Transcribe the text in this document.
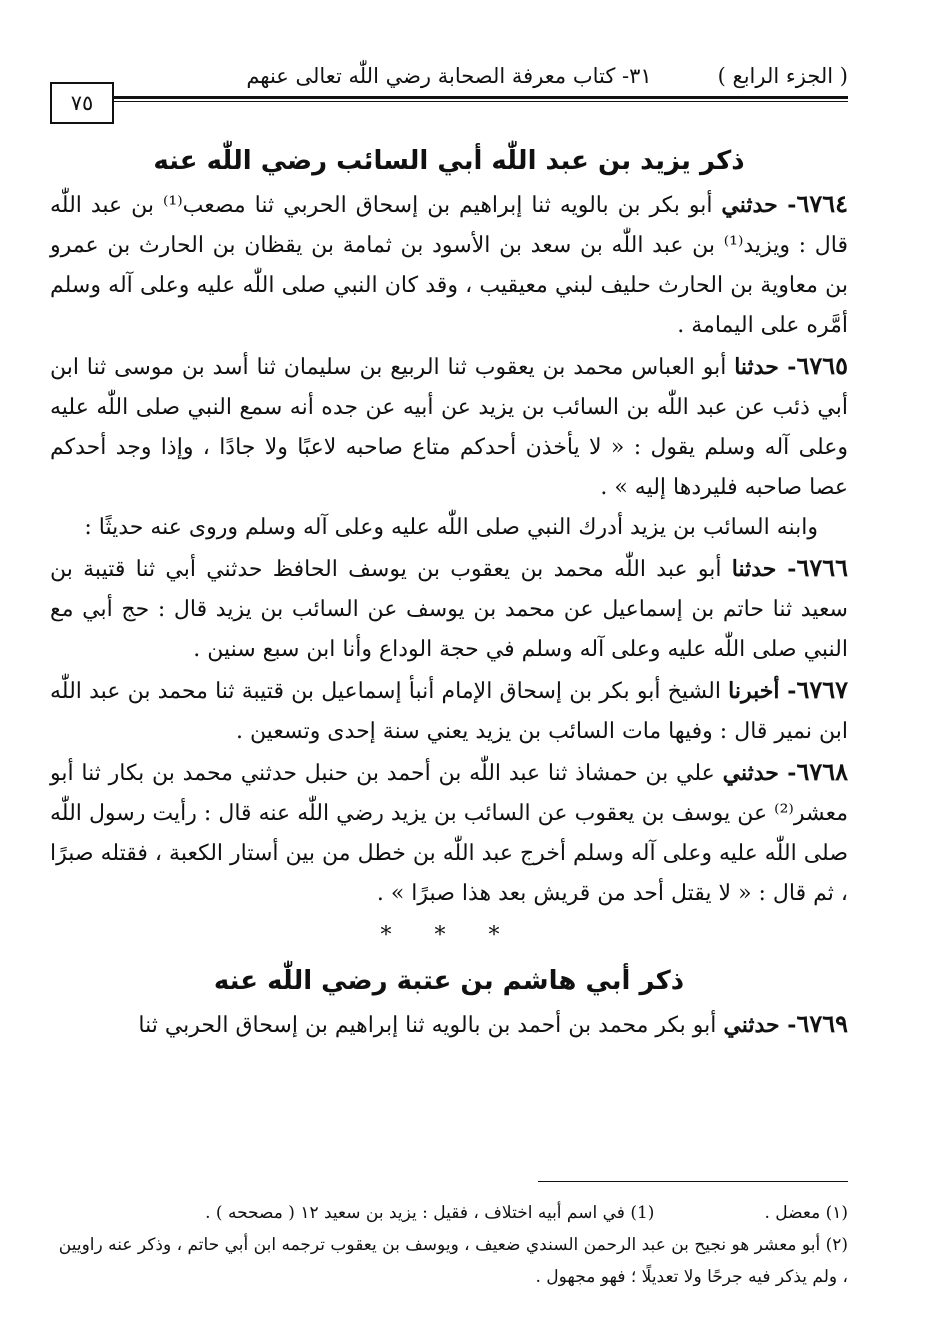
( الجزء الرابع )
٣١- كتاب معرفة الصحابة رضي اللّٰه تعالى عنهم
٧٥
ذكر يزيد بن عبد اللّٰه أبي السائب رضي اللّٰه عنه

٦٧٦٤- حدثني أبو بكر بن بالويه ثنا إبراهيم بن إسحاق الحربي ثنا مصعب⁽¹⁾ بن عبد اللّٰه قال : ويزيد⁽¹⁾ بن عبد اللّٰه بن سعد بن الأسود بن ثمامة بن يقظان بن الحارث بن عمرو بن معاوية بن الحارث حليف لبني معيقيب ، وقد كان النبي صلى اللّٰه عليه وعلى آله وسلم أمَّره على اليمامة .

٦٧٦٥- حدثنا أبو العباس محمد بن يعقوب ثنا الربيع بن سليمان ثنا أسد بن موسى ثنا ابن أبي ذئب عن عبد اللّٰه بن السائب بن يزيد عن أبيه عن جده أنه سمع النبي صلى اللّٰه عليه وعلى آله وسلم يقول : « لا يأخذن أحدكم متاع صاحبه لاعبًا ولا جادًا ، وإذا وجد أحدكم عصا صاحبه فليردها إليه » .

وابنه السائب بن يزيد أدرك النبي صلى اللّٰه عليه وعلى آله وسلم وروى عنه حديثًا :

٦٧٦٦- حدثنا أبو عبد اللّٰه محمد بن يعقوب بن يوسف الحافظ حدثني أبي ثنا قتيبة بن سعيد ثنا حاتم بن إسماعيل عن محمد بن يوسف عن السائب بن يزيد قال : حج أبي مع النبي صلى اللّٰه عليه وعلى آله وسلم في حجة الوداع وأنا ابن سبع سنين .

٦٧٦٧- أخبرنا الشيخ أبو بكر بن إسحاق الإمام أنبأ إسماعيل بن قتيبة ثنا محمد بن عبد اللّٰه ابن نمير قال : وفيها مات السائب بن يزيد يعني سنة إحدى وتسعين .

٦٧٦٨- حدثني علي بن حمشاذ ثنا عبد اللّٰه بن أحمد بن حنبل حدثني محمد بن بكار ثنا أبو معشر⁽²⁾ عن يوسف بن يعقوب عن السائب بن يزيد رضي اللّٰه عنه قال : رأيت رسول اللّٰه صلى اللّٰه عليه وعلى آله وسلم أخرج عبد اللّٰه بن خطل من بين أستار الكعبة ، فقتله صبرًا ، ثم قال : « لا يقتل أحد من قريش بعد هذا صبرًا » .

* * *
ذكر أبي هاشم بن عتبة رضي اللّٰه عنه

٦٧٦٩- حدثني أبو بكر محمد بن أحمد بن بالويه ثنا إبراهيم بن إسحاق الحربي ثنا

(١) معضل .(1) في اسم أبيه اختلاف ، فقيل : يزيد بن سعيد ١٢ ( مصححه ) .

(٢) أبو معشر هو نجيح بن عبد الرحمن السندي ضعيف ، ويوسف بن يعقوب ترجمه ابن أبي حاتم ، وذكر عنه راويين ، ولم يذكر فيه جرحًا ولا تعديلًا ؛ فهو مجهول .
